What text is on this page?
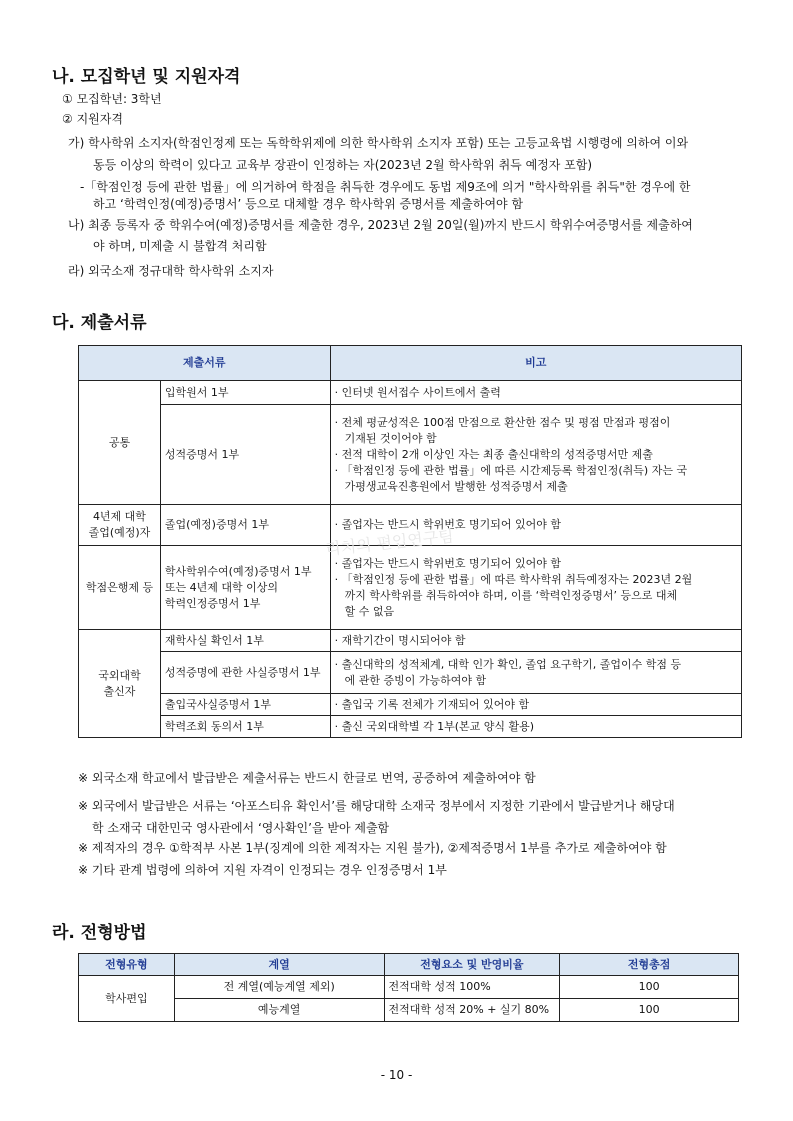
나. 모집학년 및 지원자격

① 모집학년: 3학년

② 지원자격

가) 학사학위 소지자(학점인정제 또는 독학학위제에 의한 학사학위 소지자 포함) 또는 고등교육법 시행령에 의하여 이와

동등 이상의 학력이 있다고 교육부 장관이 인정하는 자(2023년 2월 학사학위 취득 예정자 포함)

-「학점인정 등에 관한 법률」에 의거하여 학점을 취득한 경우에도 동법 제9조에 의거 "학사학위를 취득"한 경우에 한

하고 ‘학력인정(예정)증명서’ 등으로 대체할 경우 학사학위 증명서를 제출하여야 함

나) 최종 등록자 중 학위수여(예정)증명서를 제출한 경우, 2023년 2월 20일(월)까지 반드시 학위수여증명서를 제출하여

야 하며, 미제출 시 불합격 처리함

라) 외국소재 정규대학 학사학위 소지자

다. 제출서류
제출서류		비고
공통	입학원서 1부	· 인터넷 원서접수 사이트에서 출력
	성적증명서 1부	· 전체 평균성적은 100점 만점으로 환산한 점수 및 평점 만점과 평점이
기재된 것이어야 함
· 전적 대학이 2개 이상인 자는 최종 출신대학의 성적증명서만 제출
· 「학점인정 등에 관한 법률」에 따른 시간제등록 학점인정(취득) 자는 국
가평생교육진흥원에서 발행한 성적증명서 제출

4년제 대학
졸업(예정)자	졸업(예정)증명서 1부	· 졸업자는 반드시 학위번호 명기되어 있어야 함
학점은행제 등	학사학위수여(예정)증명서 1부
또는 4년제 대학 이상의
학력인정증명서 1부	· 졸업자는 반드시 학위번호 명기되어 있어야 함
· 「학점인정 등에 관한 법률」에 따른 학사학위 취득예정자는 2023년 2월
까지 학사학위를 취득하여야 하며, 이를 ‘학력인정증명서’ 등으로 대체
할 수 없음

국외대학
출신자	재학사실 확인서 1부	· 재학기간이 명시되어야 함
	성적증명에 관한 사실증명서 1부	· 출신대학의 성적체계, 대학 인가 확인, 졸업 요구학기, 졸업이수 학점 등
에 관한 증빙이 가능하여야 함

	출입국사실증명서 1부	· 출입국 기록 전체가 기재되어 있어야 함
	학력조회 동의서 1부	· 출신 국외대학별 각 1부(본교 양식 활용)
리치의 편입연구팀

※ 외국소재 학교에서 발급받은 제출서류는 반드시 한글로 번역, 공증하여 제출하여야 함

※ 외국에서 발급받은 서류는 ‘아포스티유 확인서’를 해당대학 소재국 정부에서 지정한 기관에서 발급받거나 해당대

학 소재국 대한민국 영사관에서 ‘영사확인’을 받아 제출함

※ 제적자의 경우 ①학적부 사본 1부(징계에 의한 제적자는 지원 불가), ②제적증명서 1부를 추가로 제출하여야 함

※ 기타 관계 법령에 의하여 지원 자격이 인정되는 경우 인정증명서 1부

라. 전형방법
전형유형	계열	전형요소 및 반영비율	전형총점
학사편입	전 계열(예능계열 제외)	전적대학 성적 100%	100
	예능계열	전적대학 성적 20% + 실기 80%	100
- 10 -
